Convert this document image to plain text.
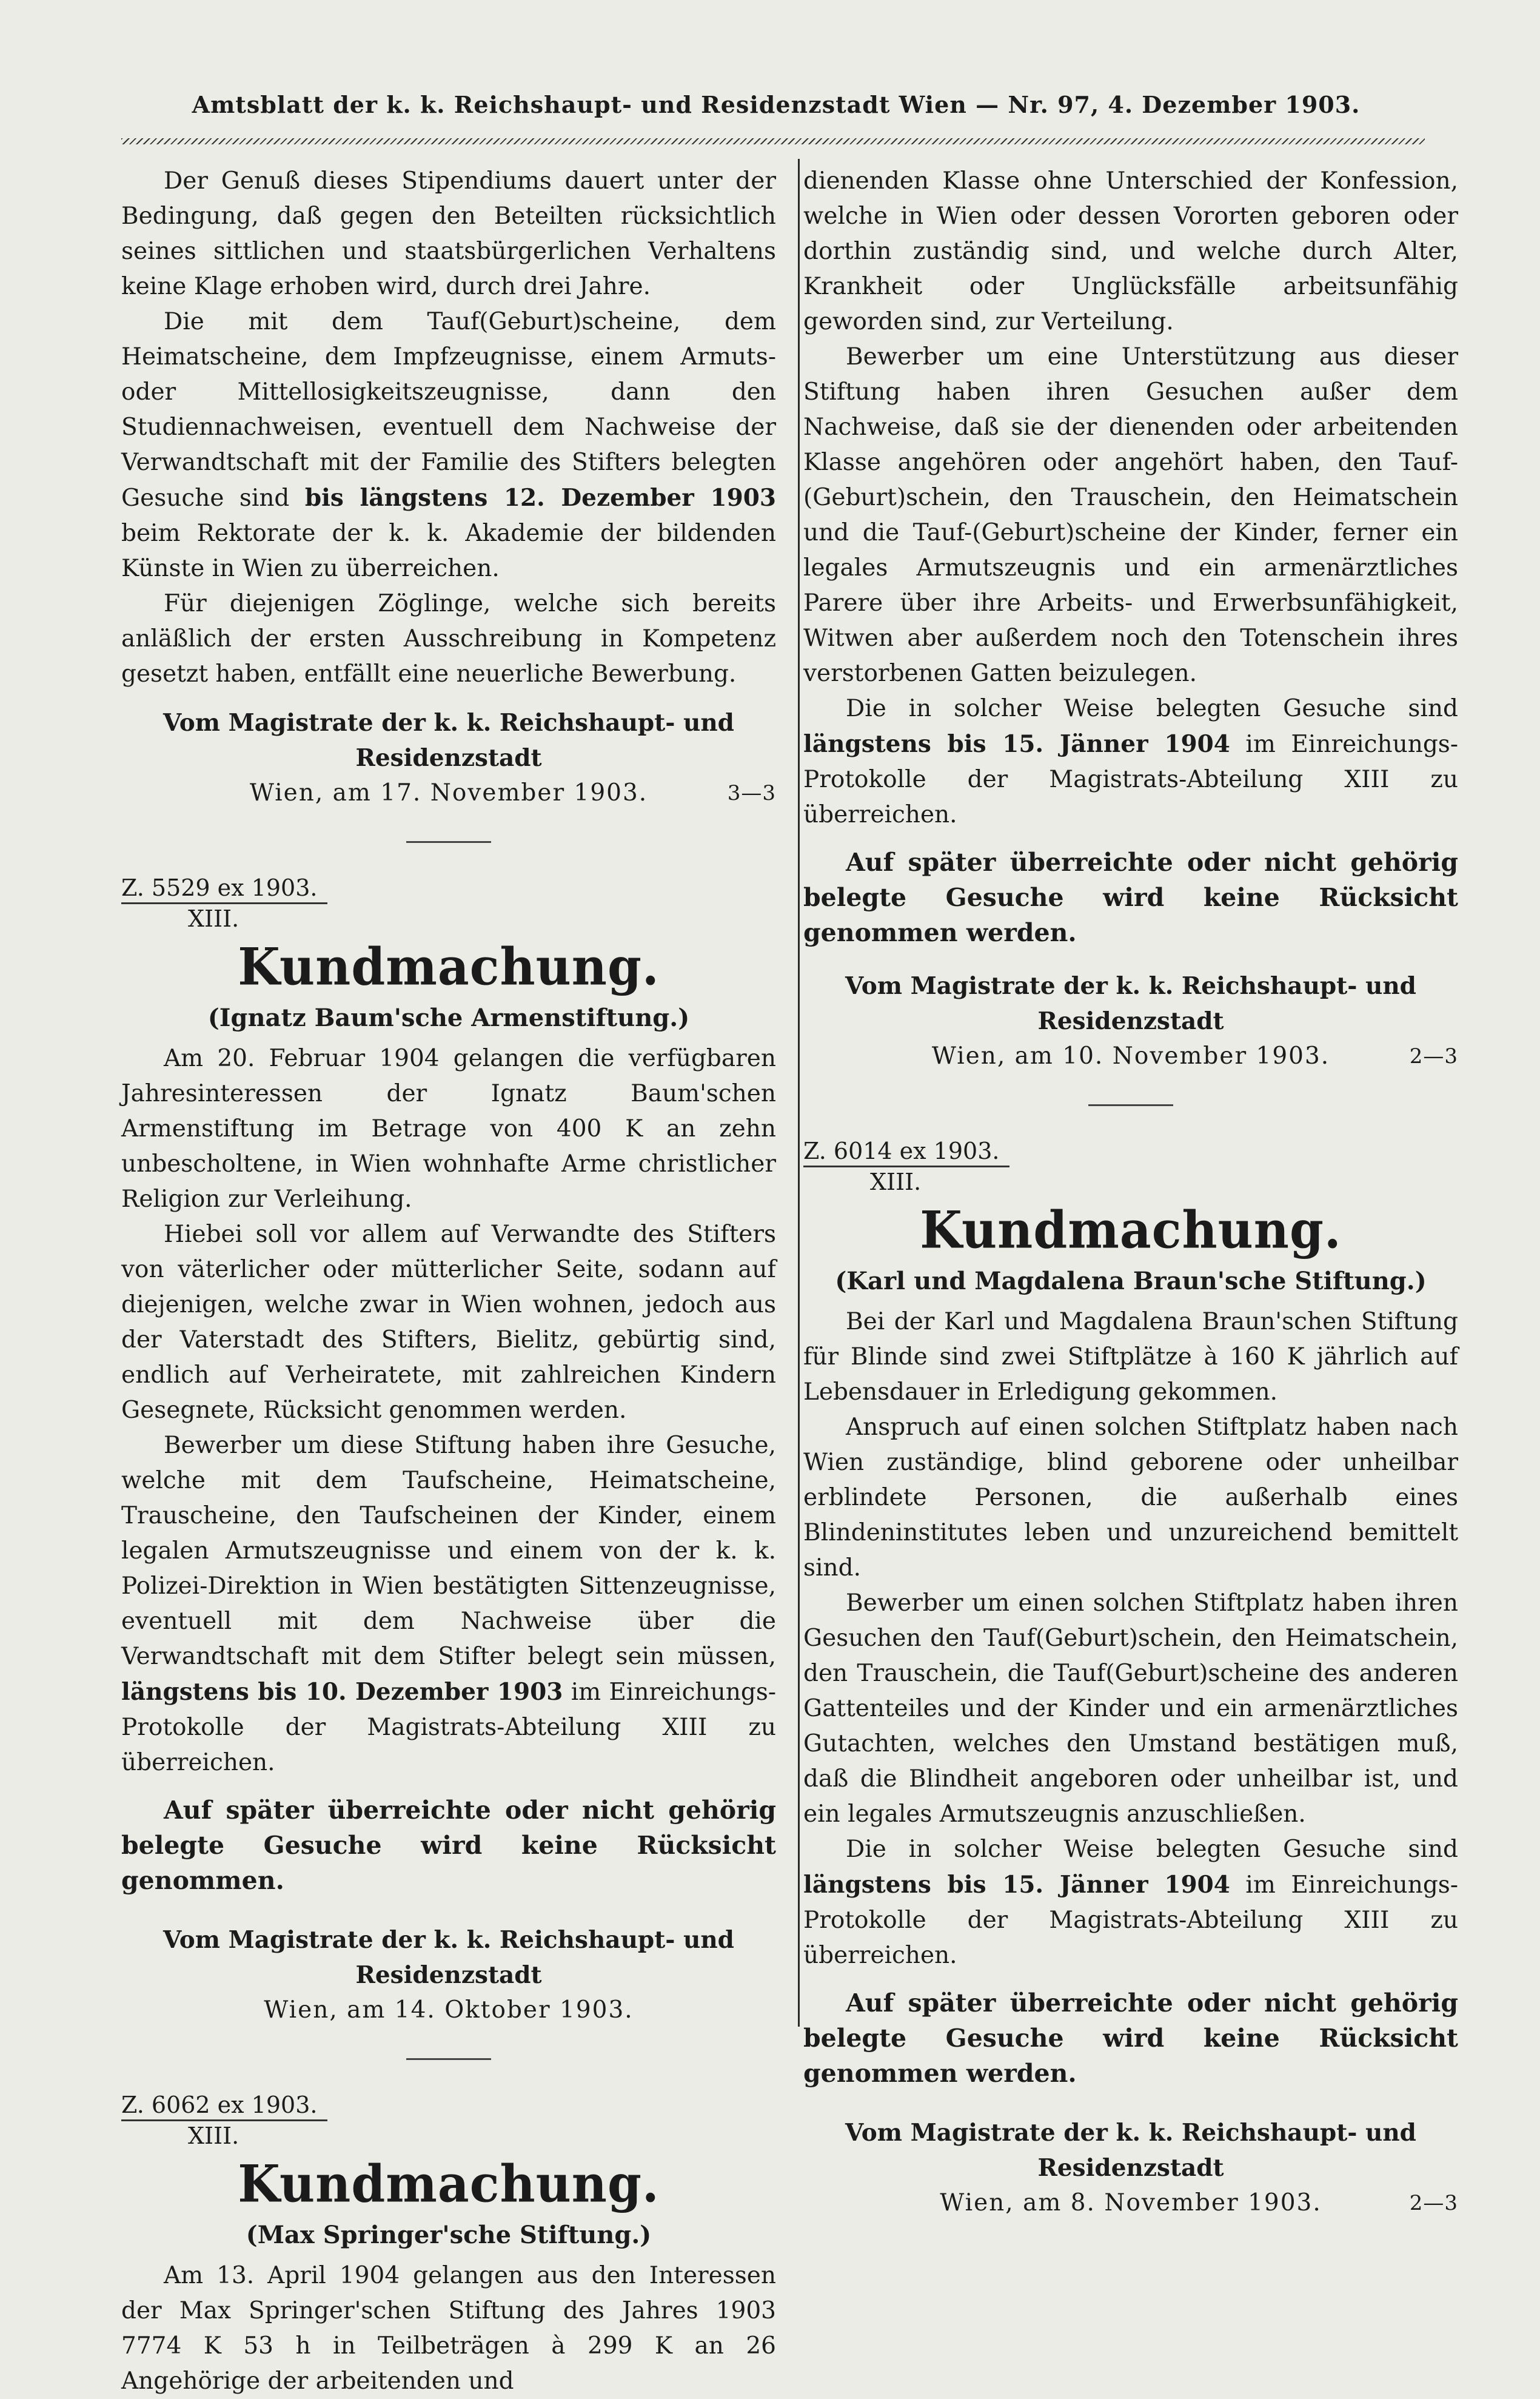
Amtsblatt der k. k. Reichshaupt- und Residenzstadt Wien — Nr. 97, 4. Dezember 1903.

Der Genuß dieses Stipendiums dauert unter der Bedingung, daß gegen den Beteilten rücksichtlich seines sittlichen und staatsbürgerlichen Verhaltens keine Klage erhoben wird, durch drei Jahre.

Die mit dem Tauf(Geburt)scheine, dem Heimatscheine, dem Impfzeugnisse, einem Armuts- oder Mittellosigkeitszeugnisse, dann den Studiennachweisen, eventuell dem Nachweise der Verwandtschaft mit der Familie des Stifters belegten Gesuche sind bis längstens 12. Dezember 1903 beim Rektorate der k. k. Akademie der bildenden Künste in Wien zu überreichen.

Für diejenigen Zöglinge, welche sich bereits anläßlich der ersten Ausschreibung in Kompetenz gesetzt haben, entfällt eine neuerliche Bewerbung.

Vom Magistrate der k. k. Reichshaupt- und Residenzstadt

Wien, am 17. November 1903.	3—3

Z. 5529 ex 1903.
XIII.

Kundmachung.

(Ignatz Baum'sche Armenstiftung.)

Am 20. Februar 1904 gelangen die verfügbaren Jahresinteressen der Ignatz Baum'schen Armenstiftung im Betrage von 400 K an zehn unbescholtene, in Wien wohnhafte Arme christlicher Religion zur Verleihung.

Hiebei soll vor allem auf Verwandte des Stifters von väterlicher oder mütterlicher Seite, sodann auf diejenigen, welche zwar in Wien wohnen, jedoch aus der Vaterstadt des Stifters, Bielitz, gebürtig sind, endlich auf Verheiratete, mit zahlreichen Kindern Gesegnete, Rücksicht genommen werden.

Bewerber um diese Stiftung haben ihre Gesuche, welche mit dem Taufscheine, Heimatscheine, Trauscheine, den Taufscheinen der Kinder, einem legalen Armutszeugnisse und einem von der k. k. Polizei-Direktion in Wien bestätigten Sittenzeugnisse, eventuell mit dem Nachweise über die Verwandtschaft mit dem Stifter belegt sein müssen, längstens bis 10. Dezember 1903 im Einreichungs-Protokolle der Magistrats-Abteilung XIII zu überreichen.

Auf später überreichte oder nicht gehörig belegte Gesuche wird keine Rücksicht genommen.

Vom Magistrate der k. k. Reichshaupt- und Residenzstadt

Wien, am 14. Oktober 1903.

Z. 6062 ex 1903.
XIII.

Kundmachung.

(Max Springer'sche Stiftung.)

Am 13. April 1904 gelangen aus den Interessen der Max Springer'schen Stiftung des Jahres 1903 7774 K 53 h in Teilbeträgen à 299 K an 26 Angehörige der arbeitenden und

dienenden Klasse ohne Unterschied der Konfession, welche in Wien oder dessen Vororten geboren oder dorthin zuständig sind, und welche durch Alter, Krankheit oder Unglücksfälle arbeitsunfähig geworden sind, zur Verteilung.

Bewerber um eine Unterstützung aus dieser Stiftung haben ihren Gesuchen außer dem Nachweise, daß sie der dienenden oder arbeitenden Klasse angehören oder angehört haben, den Tauf-(Geburt)schein, den Trauschein, den Heimatschein und die Tauf-(Geburt)scheine der Kinder, ferner ein legales Armutszeugnis und ein armenärztliches Parere über ihre Arbeits- und Erwerbsunfähigkeit, Witwen aber außerdem noch den Totenschein ihres verstorbenen Gatten beizulegen.

Die in solcher Weise belegten Gesuche sind längstens bis 15. Jänner 1904 im Einreichungs-Protokolle der Magistrats-Abteilung XIII zu überreichen.

Auf später überreichte oder nicht gehörig belegte Gesuche wird keine Rücksicht genommen werden.

Vom Magistrate der k. k. Reichshaupt- und Residenzstadt

Wien, am 10. November 1903.	2—3

Z. 6014 ex 1903.
XIII.

Kundmachung.

(Karl und Magdalena Braun'sche Stiftung.)

Bei der Karl und Magdalena Braun'schen Stiftung für Blinde sind zwei Stiftplätze à 160 K jährlich auf Lebensdauer in Erledigung gekommen.

Anspruch auf einen solchen Stiftplatz haben nach Wien zuständige, blind geborene oder unheilbar erblindete Personen, die außerhalb eines Blindeninstitutes leben und unzureichend bemittelt sind.

Bewerber um einen solchen Stiftplatz haben ihren Gesuchen den Tauf(Geburt)schein, den Heimatschein, den Trauschein, die Tauf(Geburt)scheine des anderen Gattenteiles und der Kinder und ein armenärztliches Gutachten, welches den Umstand bestätigen muß, daß die Blindheit angeboren oder unheilbar ist, und ein legales Armutszeugnis anzuschließen.

Die in solcher Weise belegten Gesuche sind längstens bis 15. Jänner 1904 im Einreichungs-Protokolle der Magistrats-Abteilung XIII zu überreichen.

Auf später überreichte oder nicht gehörig belegte Gesuche wird keine Rücksicht genommen werden.

Vom Magistrate der k. k. Reichshaupt- und Residenzstadt

Wien, am 8. November 1903.	2—3
